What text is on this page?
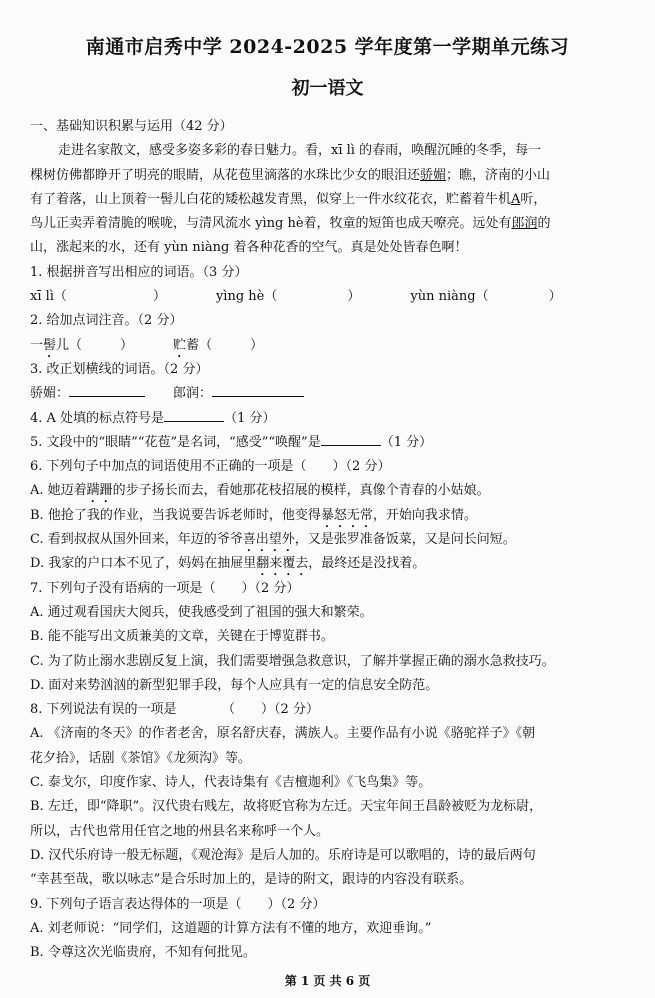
南通市启秀中学 2024-2025 学年度第一学期单元练习
初一语文
一、基础知识积累与运用（42 分）
走进名家散文，感受多姿多彩的春日魅力。看，xī lì 的春雨，唤醒沉睡的冬季，每一
棵树仿佛都睁开了明亮的眼睛，从花苞里滴落的水珠比少女的眼泪还骄媚；瞧，济南的小山
有了着落，山上顶着一髻儿白花的矮松越发青黑，似穿上一件水纹花衣，贮蓄着牛机A听，
鸟儿正卖弄着清脆的喉咙，与清风流水 yìng hè着，牧童的短笛也成天嘹亮。远处有郎润的
山，涨起来的水，还有 yùn niàng 着各种花香的空气。真是处处皆春色啊！
1. 根据拼音写出相应的词语。（3 分）
xī lì（	）	yìng hè（	）	yùn niàng（	）
2. 给加点词注音。（2 分）
一髻儿（	）	贮蓄（	）
3. 改正划横线的词语。（2 分）
骄媚：	郎润：
4. A 处填的标点符号是	（1 分）
5. 文段中的“眼睛”“花苞”是名词，“感受”“唤醒”是	（1 分）
6. 下列句子中加点的词语使用不正确的一项是（　　）（2 分）
A. 她迈着蹒跚的步子扬长而去，看她那花枝招展的模样，真像个青春的小姑娘。
B. 他抢了我的作业，当我说要告诉老师时，他变得暴怒无常，开始向我求情。
C. 看到叔叔从国外回来，年迈的爷爷喜出望外，又是张罗准备饭菜，又是问长问短。
D. 我家的户口本不见了，妈妈在抽屉里翻来覆去，最终还是没找着。
7. 下列句子没有语病的一项是（　　）（2 分）
A. 通过观看国庆大阅兵，使我感受到了祖国的强大和繁荣。
B. 能不能写出文质兼美的文章，关键在于博览群书。
C. 为了防止溺水悲剧反复上演，我们需要增强急救意识，了解并掌握正确的溺水急救技巧。
D. 面对来势汹汹的新型犯罪手段，每个人应具有一定的信息安全防范。
8. 下列说法有误的一项是　　　　（　　）（2 分）
A. 《济南的冬天》的作者老舍，原名舒庆春，满族人。主要作品有小说《骆驼祥子》《朝
花夕拾》，话剧《茶馆》《龙须沟》等。
C. 泰戈尔，印度作家、诗人，代表诗集有《吉檀迦利》《飞鸟集》等。
B. 左迁，即“降职”。汉代贵右贱左，故将贬官称为左迁。天宝年间王昌龄被贬为龙标尉，
所以，古代也常用任官之地的州县名来称呼一个人。
D. 汉代乐府诗一般无标题，《观沧海》是后人加的。乐府诗是可以歌唱的，诗的最后两句
“幸甚至哉，歌以咏志”是合乐时加上的，是诗的附文，跟诗的内容没有联系。
9. 下列句子语言表达得体的一项是（　　）（2 分）
A. 刘老师说：“同学们，这道题的计算方法有不懂的地方，欢迎垂询。”
B. 令尊这次光临贵府，不知有何批见。
第 1 页 共 6 页
